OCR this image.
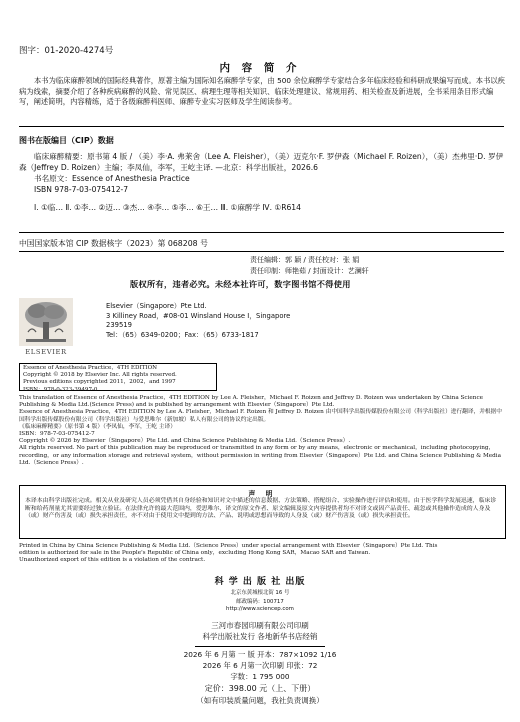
图字：01-2020-4274号
内 容 简 介
本书为临床麻醉领域的国际经典著作，原著主编为国际知名麻醉学专家，由 500 余位麻醉学专家结合多年临床经验和科研成果编写而成。本书以疾病为线索，摘要介绍了各种疾病麻醉的风险、常见误区、病理生理等相关知识、临床处理建议、常规用药、相关检查及新进展，全书采用条目形式编写，阐述简明，内容精练，适于各级麻醉科医师、麻醉专业实习医师及学生阅读参考。
图书在版编目（CIP）数据

临床麻醉精要：原书第 4 版 / （美）李·A. 弗莱舍（Lee A. Fleisher），（美）迈克尔·F. 罗伊森（Michael F. Roizen），（美）杰弗里·D. 罗伊森（Jeffrey D. Roizen）主编；李凤仙，李军，王屹主译. —北京：科学出版社，2026.6

书名原文：Essence of Anesthesia Practice

ISBN 978-7-03-075412-7

Ⅰ. ①临… Ⅱ. ①李… ②迈… ③杰… ④李… ⑤李… ⑥王… Ⅲ. ①麻醉学 Ⅳ. ①R614

中国国家版本馆 CIP 数据核字（2023）第 068208 号
责任编辑：郭 颖 / 责任校对：张 娟
责任印制：师艳茹 / 封面设计：艺澜轩
版权所有，违者必究。未经本社许可，数字图书馆不得使用
ELSEVIER
Elsevier（Singapore）Pte Ltd.
3 Killiney Road，#08-01 Winsland House I，Singapore
239519
Tel：（65）6349-0200；Fax：（65）6733-1817
Essence of Anesthesia Practice，4TH EDITION
Copyright © 2018 by Elsevier Inc. All rights reserved.
Previous editions copyrighted 2011，2002，and 1997
ISBN：978-0-323-39497-0

This translation of Essence of Anesthesia Practice，4TH EDITION by Lee A. Fleisher，Michael F. Roizen and Jeffrey D. Roizen was undertaken by China Science Publishing & Media Ltd.(Science Press) and is published by arrangement with Elsevier（Singapore）Pte Ltd.

Essence of Anesthesia Practice，4TH EDITION by Lee A. Fleisher，Michael F. Roizen 和 Jeffrey D. Roizen 由中国科学出版传媒股份有限公司（科学出版社）进行翻译，并根据中国科学出版传媒股份有限公司（科学出版社）与爱思唯尔（新加坡）私人有限公司的协议约定出版。

《临床麻醉精要》（原书第 4 版）（李凤仙，李军，王屹 主译）

ISBN：978-7-03-075412-7

Copyright © 2026 by Elsevier（Singapore）Pte Ltd. and China Science Publishing & Media Ltd.（Science Press）.

All rights reserved. No part of this publication may be reproduced or transmitted in any form or by any means，electronic or mechanical，including photocopying，recording，or any information storage and retrieval system，without permission in writing from Elsevier（Singapore）Pte Ltd. and China Science Publishing & Media Ltd.（Science Press）.

声 明
本译本由科学出版社完成。相关从业及研究人员必须凭借其自身经验和知识对文中描述的信息数据、方法策略、搭配组合、实验操作进行评估和使用。由于医学科学发展迅速，临床诊断和给药剂量尤其需要经过独立验证。在法律允许的最大范围内，爱思唯尔、译文的原文作者、原文编辑及原文内容提供者均不对译文或因产品责任、疏忽或其他操作造成的人身及（或）财产伤害及（或）损失承担责任，亦不对由于使用文中提到的方法、产品、说明或思想而导致的人身及（或）财产伤害及（或）损失承担责任。

Printed in China by China Science Publishing & Media Ltd.（Science Press）under special arrangement with Elsevier（Singapore）Pte Ltd. This

edition is authorized for sale in the People's Republic of China only，excluding Hong Kong SAR，Macao SAR and Taiwan.

Unauthorized export of this edition is a violation of the contract.

科 学 出 版 社 出版
北京东黄城根北街 16 号
邮政编码：100717
http://www.sciencep.com
三河市春园印刷有限公司印刷
科学出版社发行 各地新华书店经销
2026 年 6 月第 一 版 开本：787×1092 1/16
2026 年 6 月第一次印刷 印张：72
字数：1 795 000
定价：398.00 元（上、下册）
（如有印装质量问题，我社负责调换）
